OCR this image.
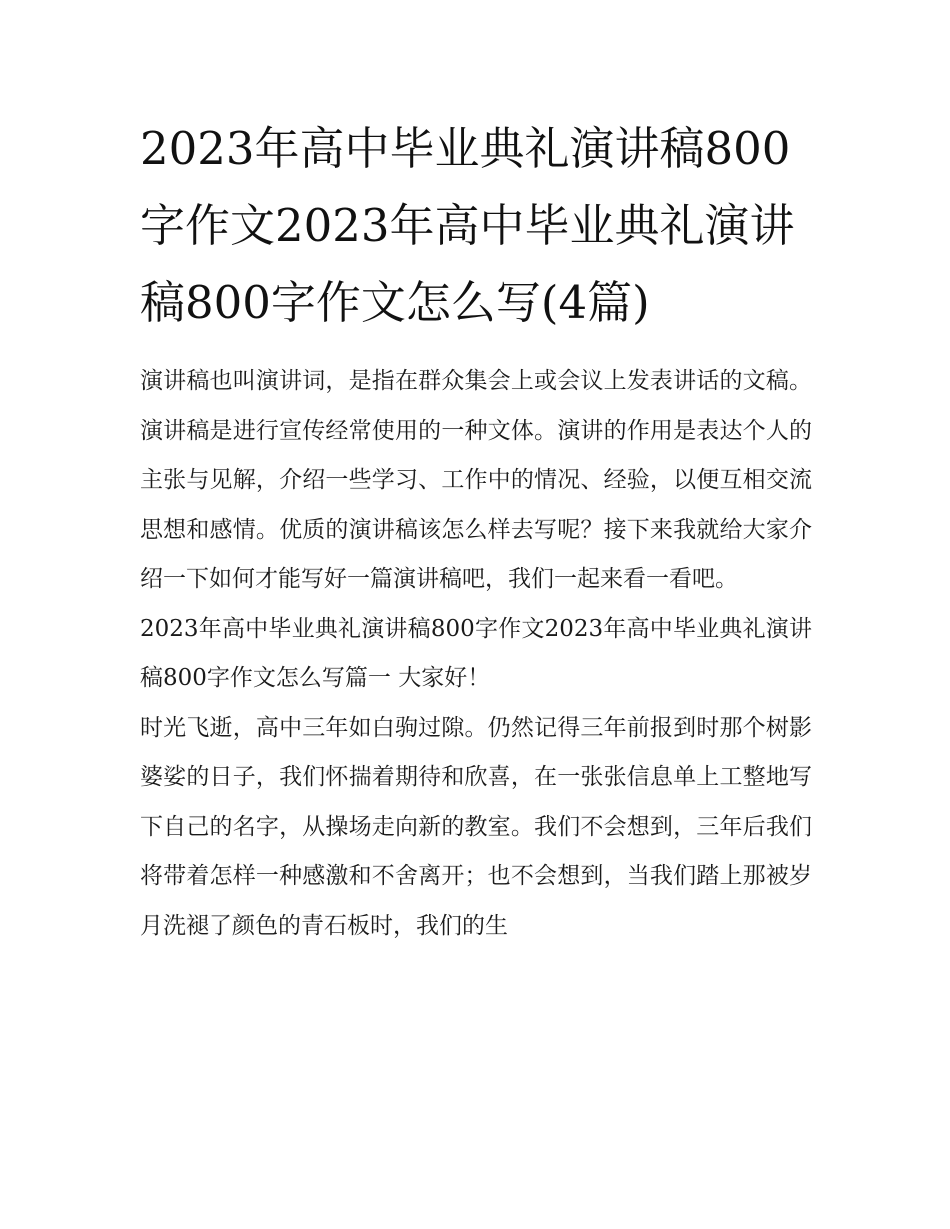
2023年高中毕业典礼演讲稿800字作文2023年高中毕业典礼演讲稿800字作文怎么写(4篇)

演讲稿也叫演讲词，是指在群众集会上或会议上发表讲话的文稿。演讲稿是进行宣传经常使用的一种文体。演讲的作用是表达个人的主张与见解，介绍一些学习、工作中的情况、经验，以便互相交流思想和感情。优质的演讲稿该怎么样去写呢？接下来我就给大家介绍一下如何才能写好一篇演讲稿吧，我们一起来看一看吧。

2023年高中毕业典礼演讲稿800字作文2023年高中毕业典礼演讲稿800字作文怎么写篇一 大家好！

时光飞逝，高中三年如白驹过隙。仍然记得三年前报到时那个树影婆娑的日子，我们怀揣着期待和欣喜，在一张张信息单上工整地写下自己的名字，从操场走向新的教室。我们不会想到，三年后我们将带着怎样一种感激和不舍离开；也不会想到，当我们踏上那被岁月洗褪了颜色的青石板时，我们的生
